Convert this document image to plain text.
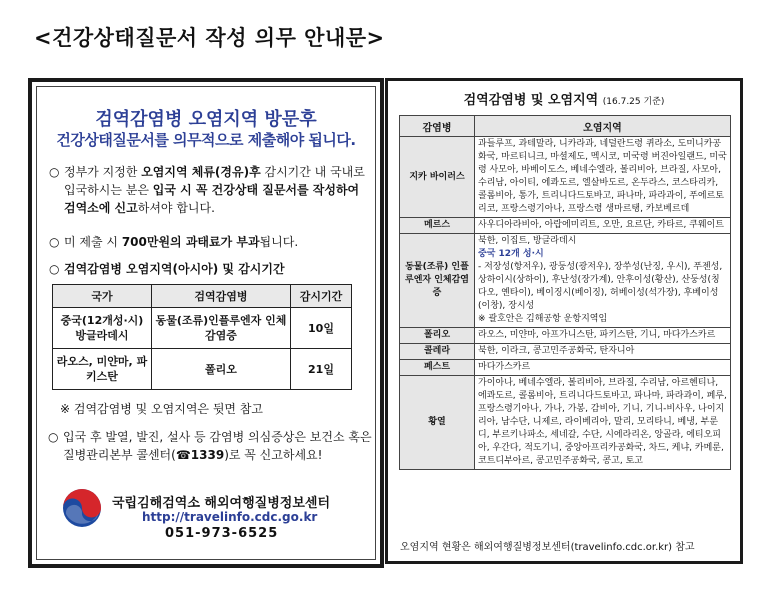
<건강상태질문서 작성 의무 안내문>
검역감염병 오염지역 방문후
건강상태질문서를 의무적으로 제출해야 됩니다.
○ 정부가 지정한 오염지역 체류(경유)후 감시기간 내 국내로 입국하시는 분은 입국 시 꼭 건강상태 질문서를 작성하여 검역소에 신고하셔야 합니다.
○ 미 제출 시 700만원의 과태료가 부과됩니다.
○ 검역감염병 오염지역(아시아) 및 감시기간
국가	검역감염병	감시기간
중국(12개성·시) 방글라데시	동물(조류)인플루엔자 인체감염증	10일
라오스, 미얀마, 파키스탄	폴리오	21일
※ 검역감염병 및 오염지역은 뒷면 참고
○ 입국 후 발열, 발진, 설사 등 감염병 의심증상은 보건소 혹은 질병관리본부 콜센터(☎1339)로 꼭 신고하세요!
국립김해검역소 해외여행질병정보센터
http://travelinfo.cdc.go.kr
051-973-6525
검역감염병 및 오염지역 (16.7.25 기준)
감염병	오염지역
지카 바이러스	과들루프, 과테말라, 니카라과, 네덜란드령 퀴라소, 도미니카공화국, 마르티니크, 마셜제도, 멕시코, 미국령 버진아일랜드, 미국령 사모아, 바베이도스, 베네수엘라, 볼리비아, 브라질, 사모아, 수리남, 아이티, 에콰도르, 엘살바도르, 온두라스, 코스타리카, 콜롬비아, 통가, 트리니다드토바고, 파나마, 파라과이, 푸에르토리코, 프랑스령기아나, 프랑스령 생마르탱, 카보베르데
메르스	사우디아라비아, 아랍에미리트, 오만, 요르단, 카타르, 쿠웨이트
동물(조류) 인플루엔자 인체감염증	북한, 이집트, 방글라데시
중국 12개 성·시
- 저장성(항저우), 광둥성(광저우), 장쑤성(난징, 우시), 푸젠성, 상하이시(상하이), 후난성(장가계), 안후이성(황산), 산둥성(칭다오, 옌타이), 베이징시(베이징), 허베이성(석가장), 후베이성(이창), 장시성
※ 괄호안은 김해공항 운항지역임

폴리오	라오스, 미얀마, 아프가니스탄, 파키스탄, 기니, 마다가스카르
콜레라	북한, 이라크, 콩고민주공화국, 탄자니아
페스트	마다가스카르
황열	가이아나, 베네수엘라, 볼리비아, 브라질, 수리남, 아르헨티나, 에콰도르, 콜롬비아, 트리니다드토바고, 파나마, 파라과이, 페루, 프랑스령기아나, 가나, 가봉, 감비아, 기니, 기니-비사우, 나이지리아, 남수단, 니제르, 라이베리아, 말리, 모리타니, 베냉, 부룬디, 부르키나파소, 세네갈, 수단, 시에라리온, 앙골라, 에티오피아, 우간다, 적도기니, 중앙아프리카공화국, 차드, 케냐, 카메룬, 코트디부아르, 콩고민주공화국, 콩고, 토고
오염지역 현황은 해외여행질병정보센터(travelinfo.cdc.or.kr) 참고
